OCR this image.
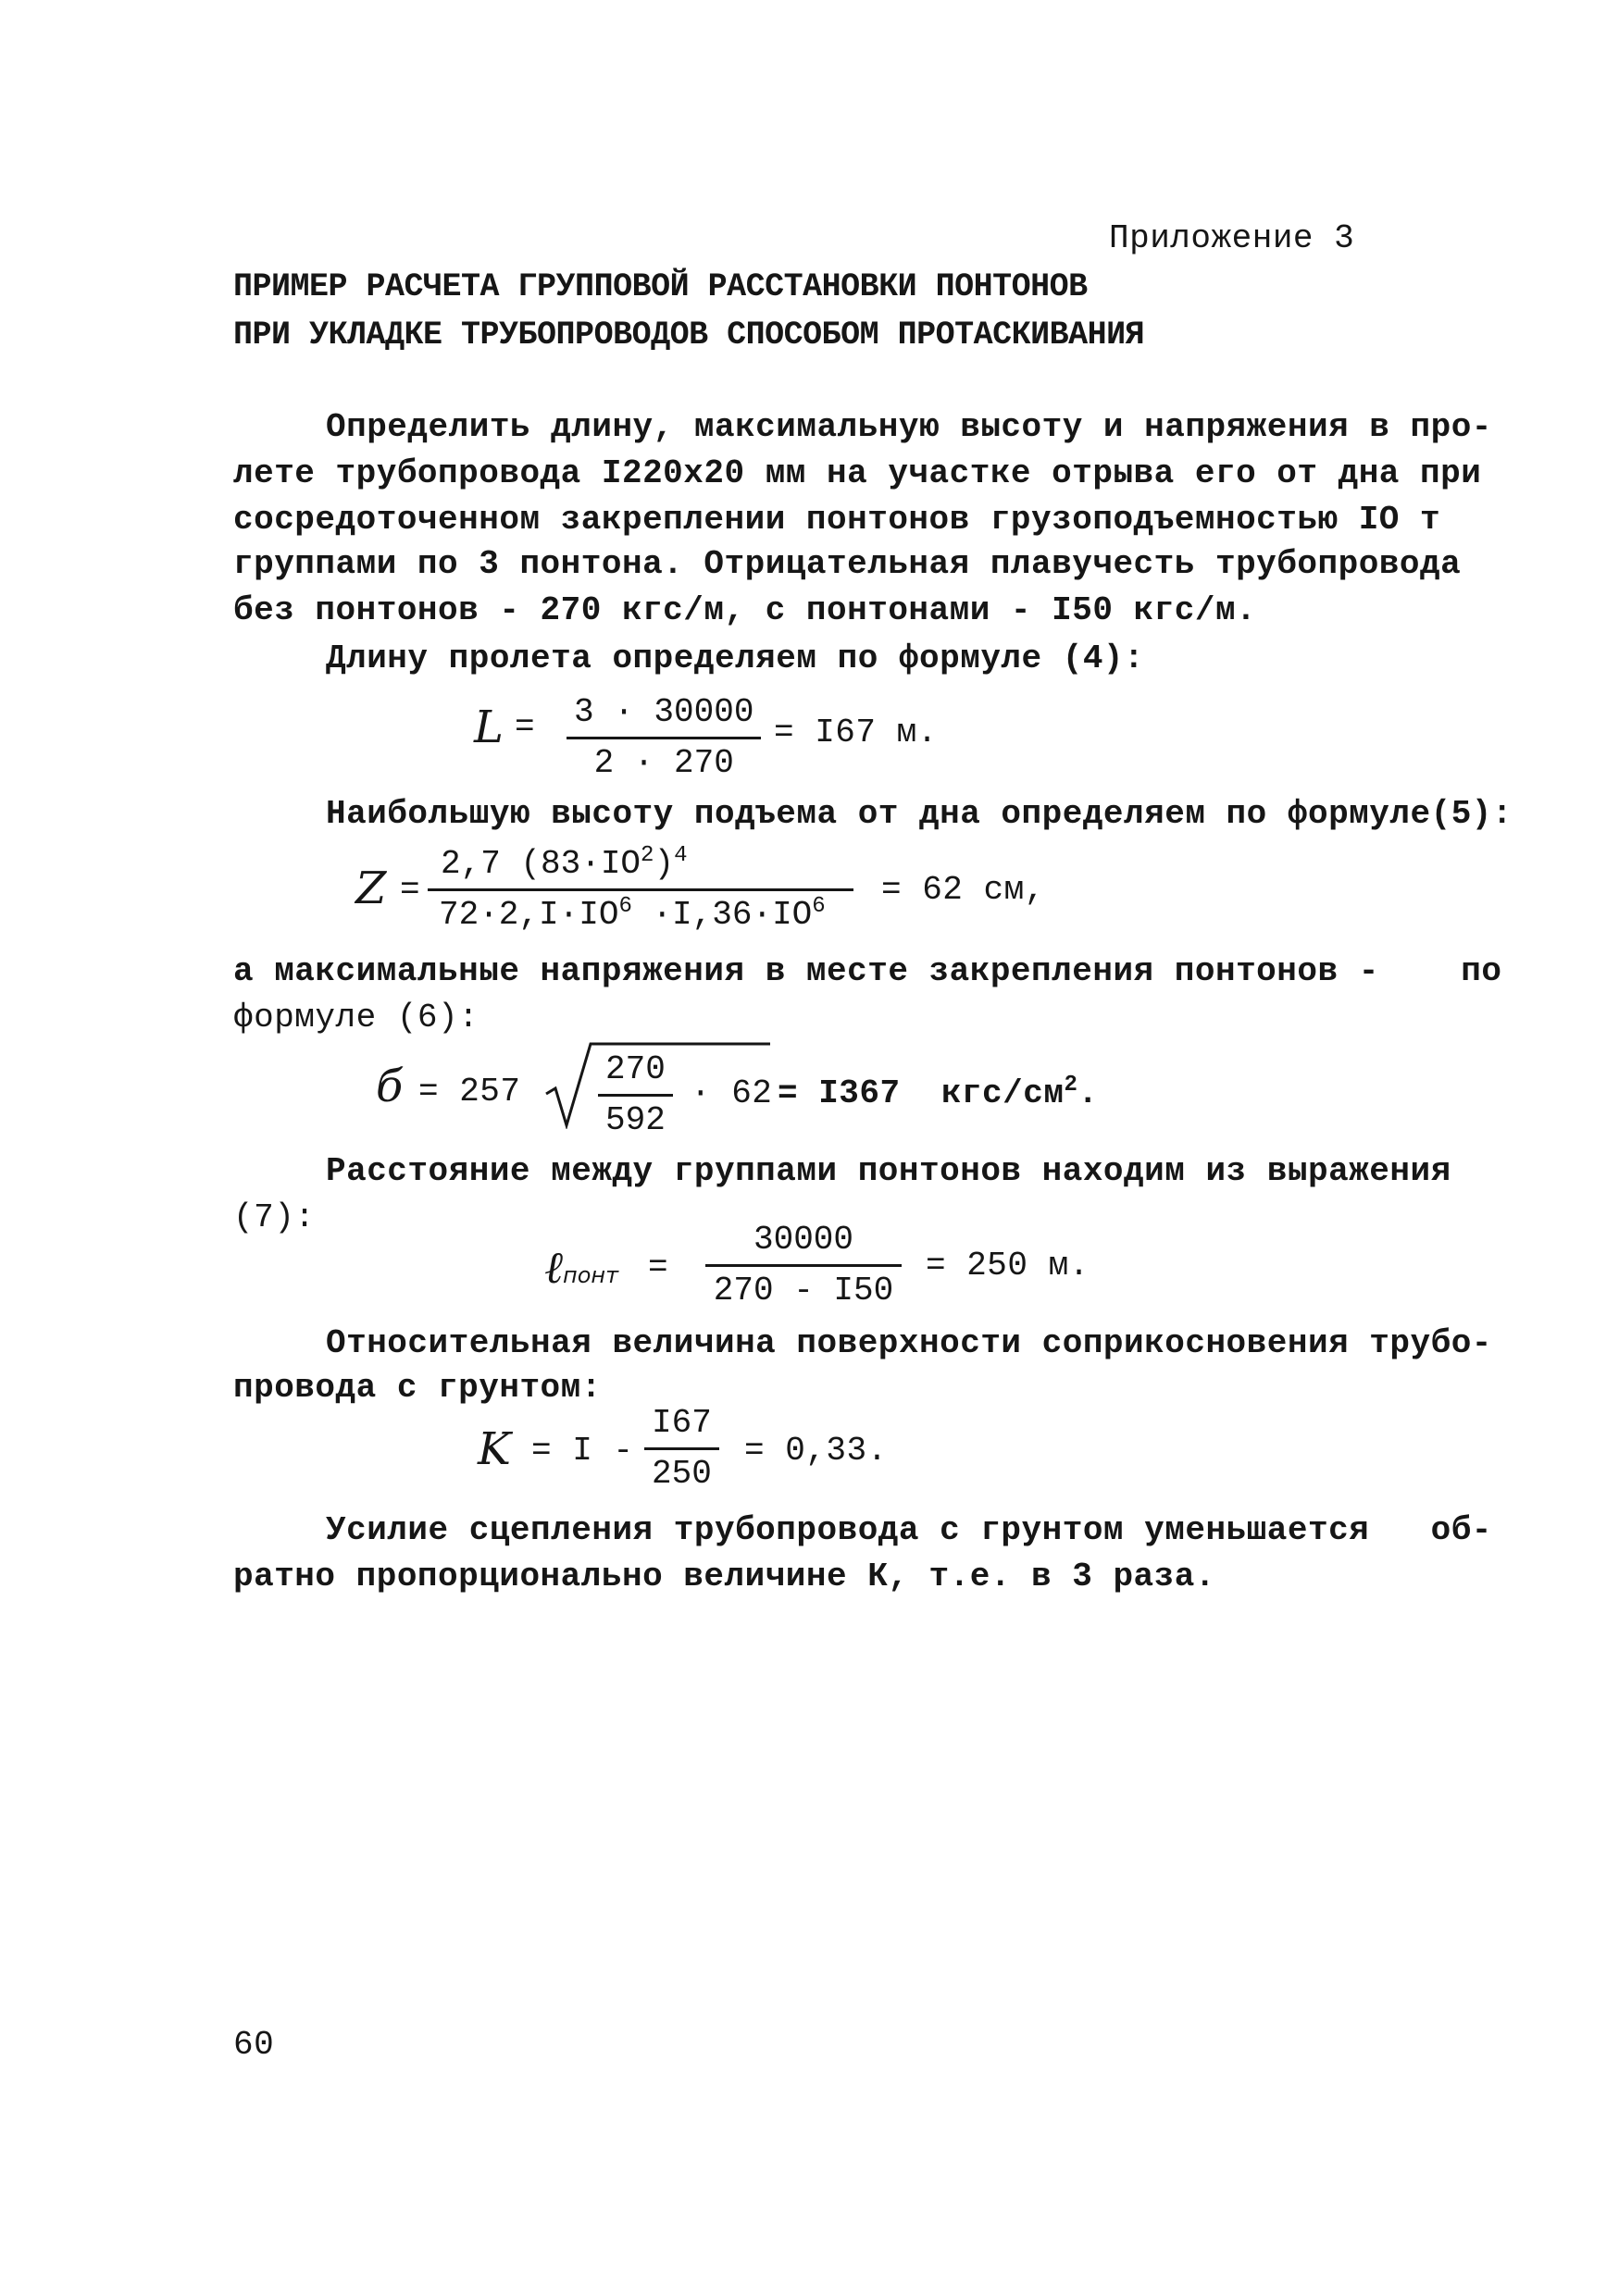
Приложение 3
ПРИМЕР РАСЧЕТА ГРУППОВОЙ РАССТАНОВКИ ПОНТОНОВ
ПРИ УКЛАДКЕ ТРУБОПРОВОДОВ СПОСОБОМ ПРОТАСКИВАНИЯ
Определить длину, максимальную высоту и напряжения в про-
лете трубопровода I220x20 мм на участке отрыва его от дна при
сосредоточенном закреплении понтонов грузоподъемностью IO т
группами по 3 понтона. Отрицательная плавучесть трубопровода
без понтонов - 270 кгс/м, с понтонами - I50 кгс/м.
Длину пролета определяем по формуле (4):
L = 3 · 30000
2 · 270
= I67 м.
Наибольшую высоту подъема от дна определяем по формуле(5):
Z =
2,7 $(83\cdot IO^2)^4$
$72\cdot 2,I\cdot IO^6 \cdot I,36\cdot IO^6 = 62$ см,
а максимальные напряжения в месте закрепления понтонов -    по
формуле (6):
б = 257
270
592
· 62 = I367  кгс/$см^2$.
Расстояние между группами понтонов находим из выражения
(7):
ℓпонт =
30000
270 - I50
= 250 м.
Относительная величина поверхности соприкосновения трубо-
провода с грунтом:
K = I -
I67
250
= 0,33.
Усилие сцепления трубопровода с грунтом уменьшается   об-
ратно пропорционально величине К, т.е. в 3 раза.
60
